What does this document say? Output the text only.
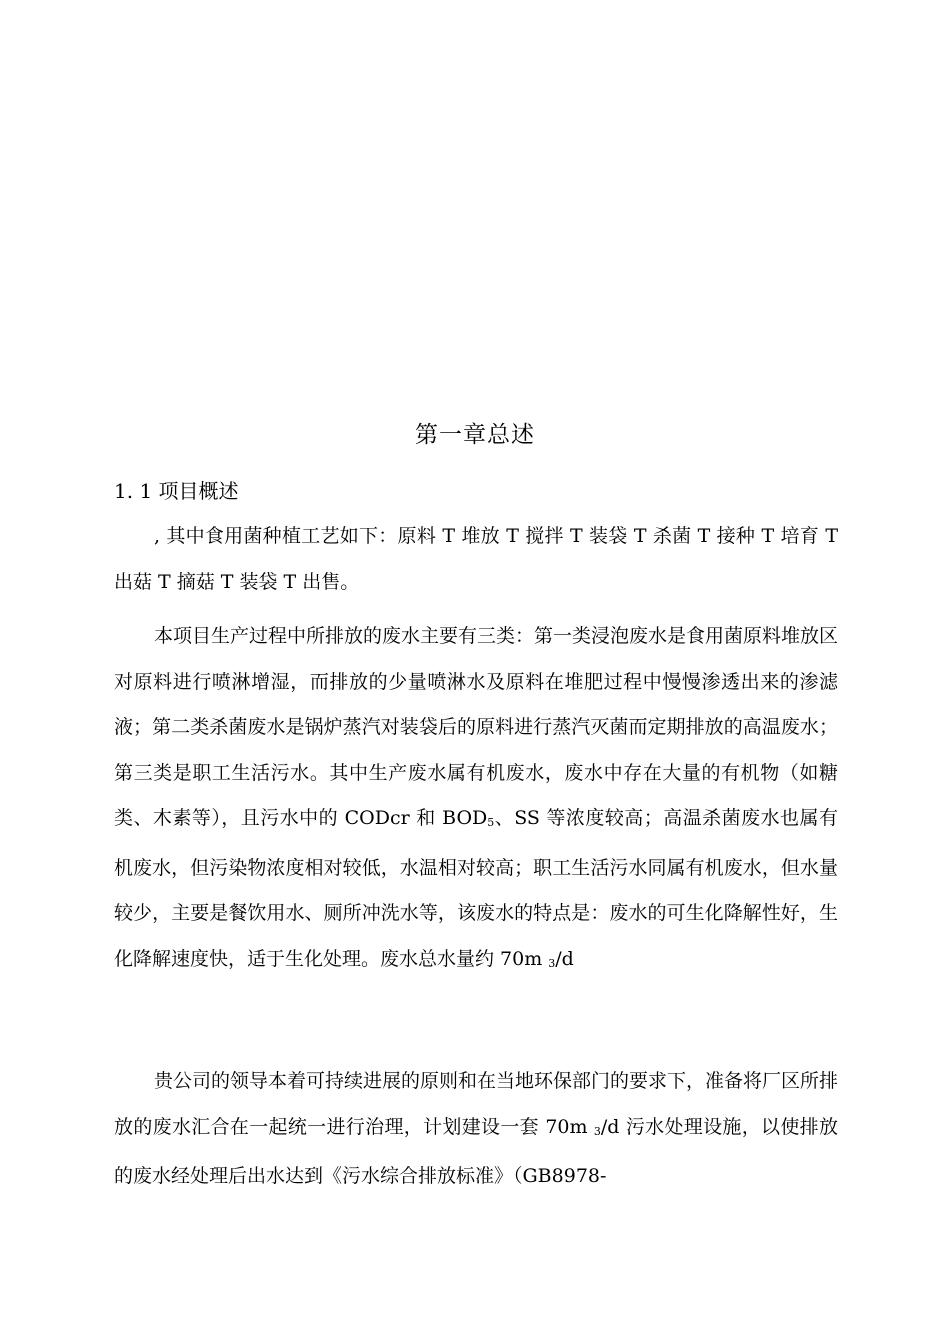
第一章总述
1. 1 项目概述

, 其中食用菌种植工艺如下：原料 T 堆放 T 搅拌 T 装袋 T 杀菌 T 接种 T 培育 T 出菇 T 摘菇 T 装袋 T 出售。

本项目生产过程中所排放的废水主要有三类：第一类浸泡废水是食用菌原料堆放区对原料进行喷淋增湿，而排放的少量喷淋水及原料在堆肥过程中慢慢渗透出来的渗滤液；第二类杀菌废水是锅炉蒸汽对装袋后的原料进行蒸汽灭菌而定期排放的高温废水；第三类是职工生活污水。其中生产废水属有机废水，废水中存在大量的有机物（如糖类、木素等），且污水中的 CODcr 和 BOD5、SS 等浓度较高；高温杀菌废水也属有机废水，但污染物浓度相对较低，水温相对较高；职工生活污水同属有机废水，但水量较少，主要是餐饮用水、厕所冲洗水等，该废水的特点是：废水的可生化降解性好，生化降解速度快，适于生化处理。废水总水量约 70m 3/d

贵公司的领导本着可持续进展的原则和在当地环保部门的要求下，准备将厂区所排放的废水汇合在一起统一进行治理，计划建设一套 70m 3/d 污水处理设施，以使排放的废水经处理后出水达到《污水综合排放标准》（GB8978-
